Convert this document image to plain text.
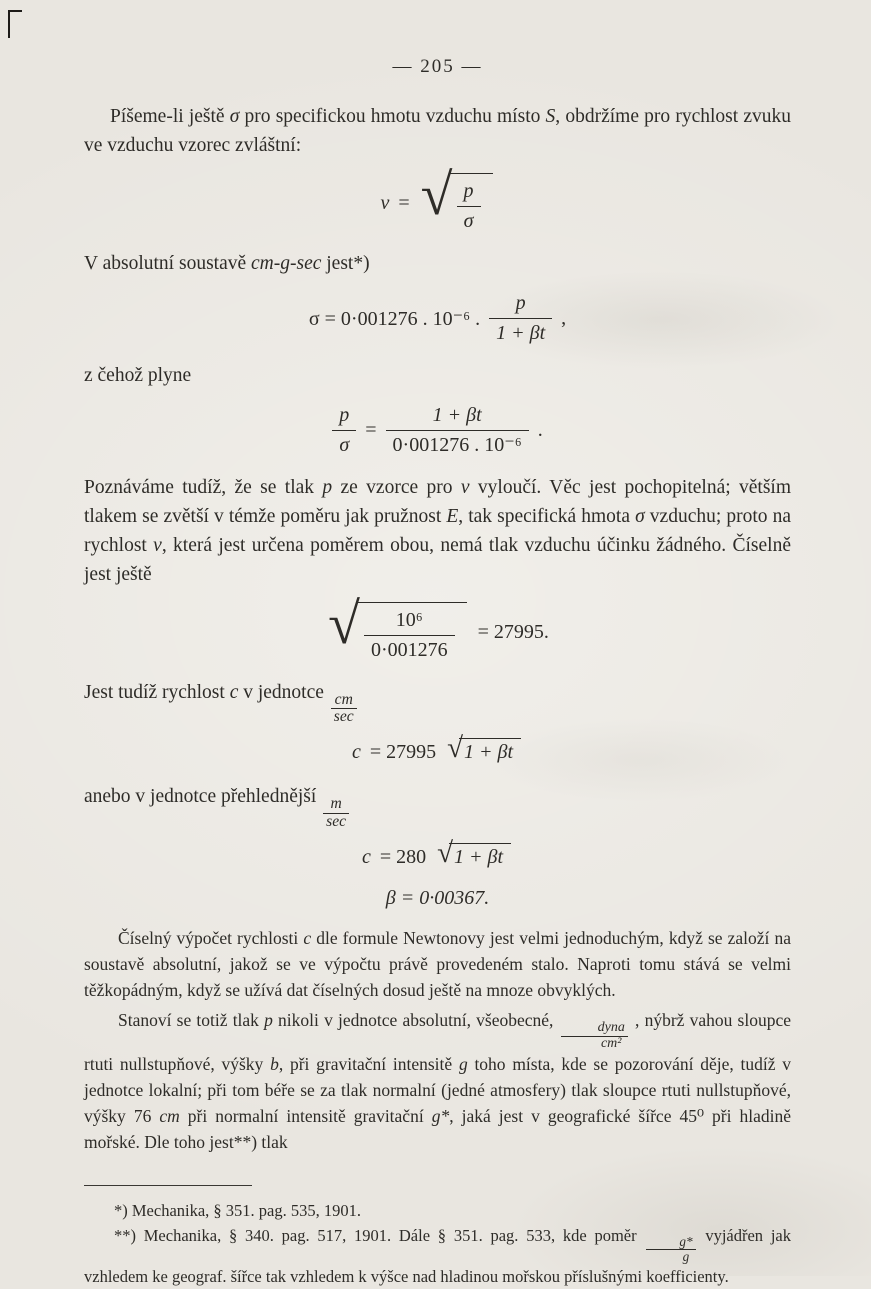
— 205 —

Píšeme-li ještě σ pro specifickou hmotu vzduchu místo S, obdržíme pro rychlost zvuku ve vzduchu vzorec zvláštní:

v = √ $\frac{p}{\sigma}$

V absolutní soustavě cm-g-sec jest*)

σ = 0·001276 . 10⁻⁶ . $\frac{p}{1 + \beta t}$ ,

z čehož plyne

$\frac{p}{\sigma} = \frac{1 + \beta t}{\text{0·001276 . 10⁻⁶}}$ .

Poznáváme tudíž, že se tlak p ze vzorce pro v vyloučí. Věc jest pochopitelná; větším tlakem se zvětší v témže poměru jak pružnost E, tak specifická hmota σ vzduchu; proto na rychlost v, která jest určena poměrem obou, nemá tlak vzduchu účinku žádného. Číselně jest ještě

√ $\frac{\text{10⁶}}{0\cdot 001276} = 27995$.

Jest tudíž rychlost c v jednotce $\frac{cm}{\sec}$

c = 27995 √ 1 + βt

anebo v jednotce přehlednější $\frac{m}{\sec}$

c = 280 √ 1 + βt
β = 0·00367.

Číselný výpočet rychlosti c dle formule Newtonovy jest velmi jednoduchým, když se založí na soustavě absolutní, jakož se ve výpočtu právě provedeném stalo. Naproti tomu stává se velmi těžkopádným, když se užívá dat číselných dosud ještě na mnoze obvyklých.

Stanoví se totiž tlak p nikoli v jednotce absolutní, všeobecné,
$\frac{\text{dyna}}{\text{cm²}}$
, nýbrž vahou sloupce rtuti nullstupňové, výšky b, při gravitační intensitě g toho místa, kde se pozorování děje, tudíž v jednotce lokalní; při tom béře se za tlak normalní (jedné atmosfery) tlak sloupce rtuti nullstupňové, výšky 76 cm při normalní intensitě gravitační g*, jaká jest v geografické šířce 45⁰ při hladině mořské. Dle toho jest**) tlak

*) Mechanika, § 351. pag. 535, 1901.

**) Mechanika, § 340. pag. 517, 1901. Dále § 351. pag. 533, kde poměr $\frac{g*}{g}$ vyjádřen jak vzhledem ke geograf. šířce tak vzhledem k výšce nad hladinou mořskou příslušnými koefficienty.
